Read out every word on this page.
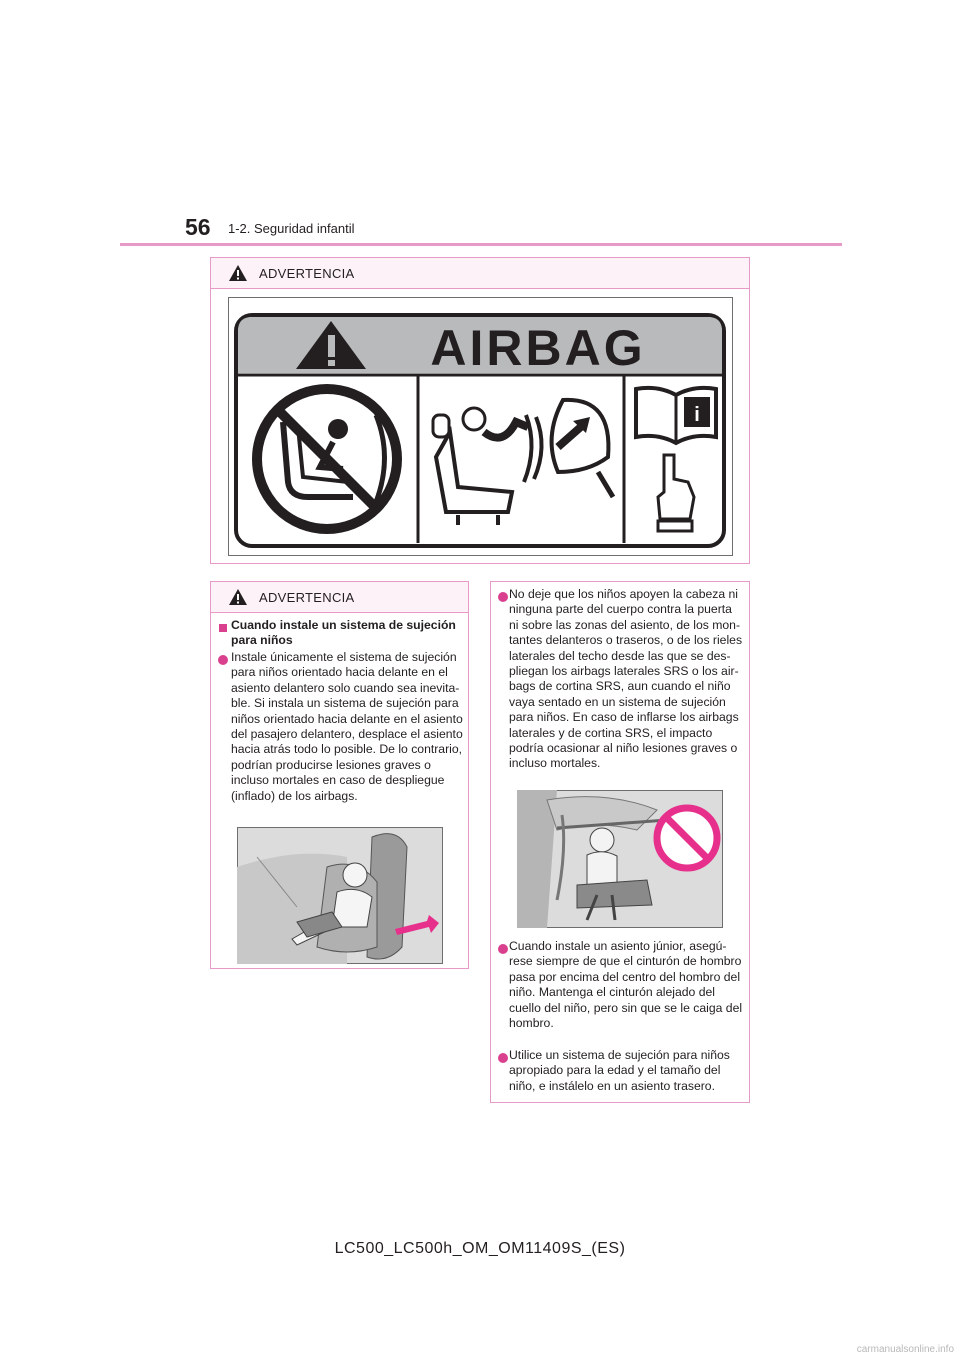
56 1-2. Seguridad infantil
ADVERTENCIA
AIRBAG
i
ADVERTENCIA
Cuando instale un sistema de sujeción para niños
Instale únicamente el sistema de sujeción
para niños orientado hacia delante en el
asiento delantero solo cuando sea inevita-
ble. Si instala un sistema de sujeción para
niños orientado hacia delante en el asiento
del pasajero delantero, desplace el asiento
hacia atrás todo lo posible. De lo contrario,
podrían producirse lesiones graves o
incluso mortales en caso de despliegue
(inflado) de los airbags.
No deje que los niños apoyen la cabeza ni
ninguna parte del cuerpo contra la puerta
ni sobre las zonas del asiento, de los mon-
tantes delanteros o traseros, o de los rieles
laterales del techo desde las que se des-
pliegan los airbags laterales SRS o los air-
bags de cortina SRS, aun cuando el niño
vaya sentado en un sistema de sujeción
para niños. En caso de inflarse los airbags
laterales y de cortina SRS, el impacto
podría ocasionar al niño lesiones graves o
incluso mortales.
Cuando instale un asiento júnior, asegú-
rese siempre de que el cinturón de hombro
pasa por encima del centro del hombro del
niño. Mantenga el cinturón alejado del
cuello del niño, pero sin que se le caiga del
hombro.
Utilice un sistema de sujeción para niños
apropiado para la edad y el tamaño del
niño, e instálelo en un asiento trasero.
LC500_LC500h_OM_OM11409S_(ES)
carmanualsonline.info
